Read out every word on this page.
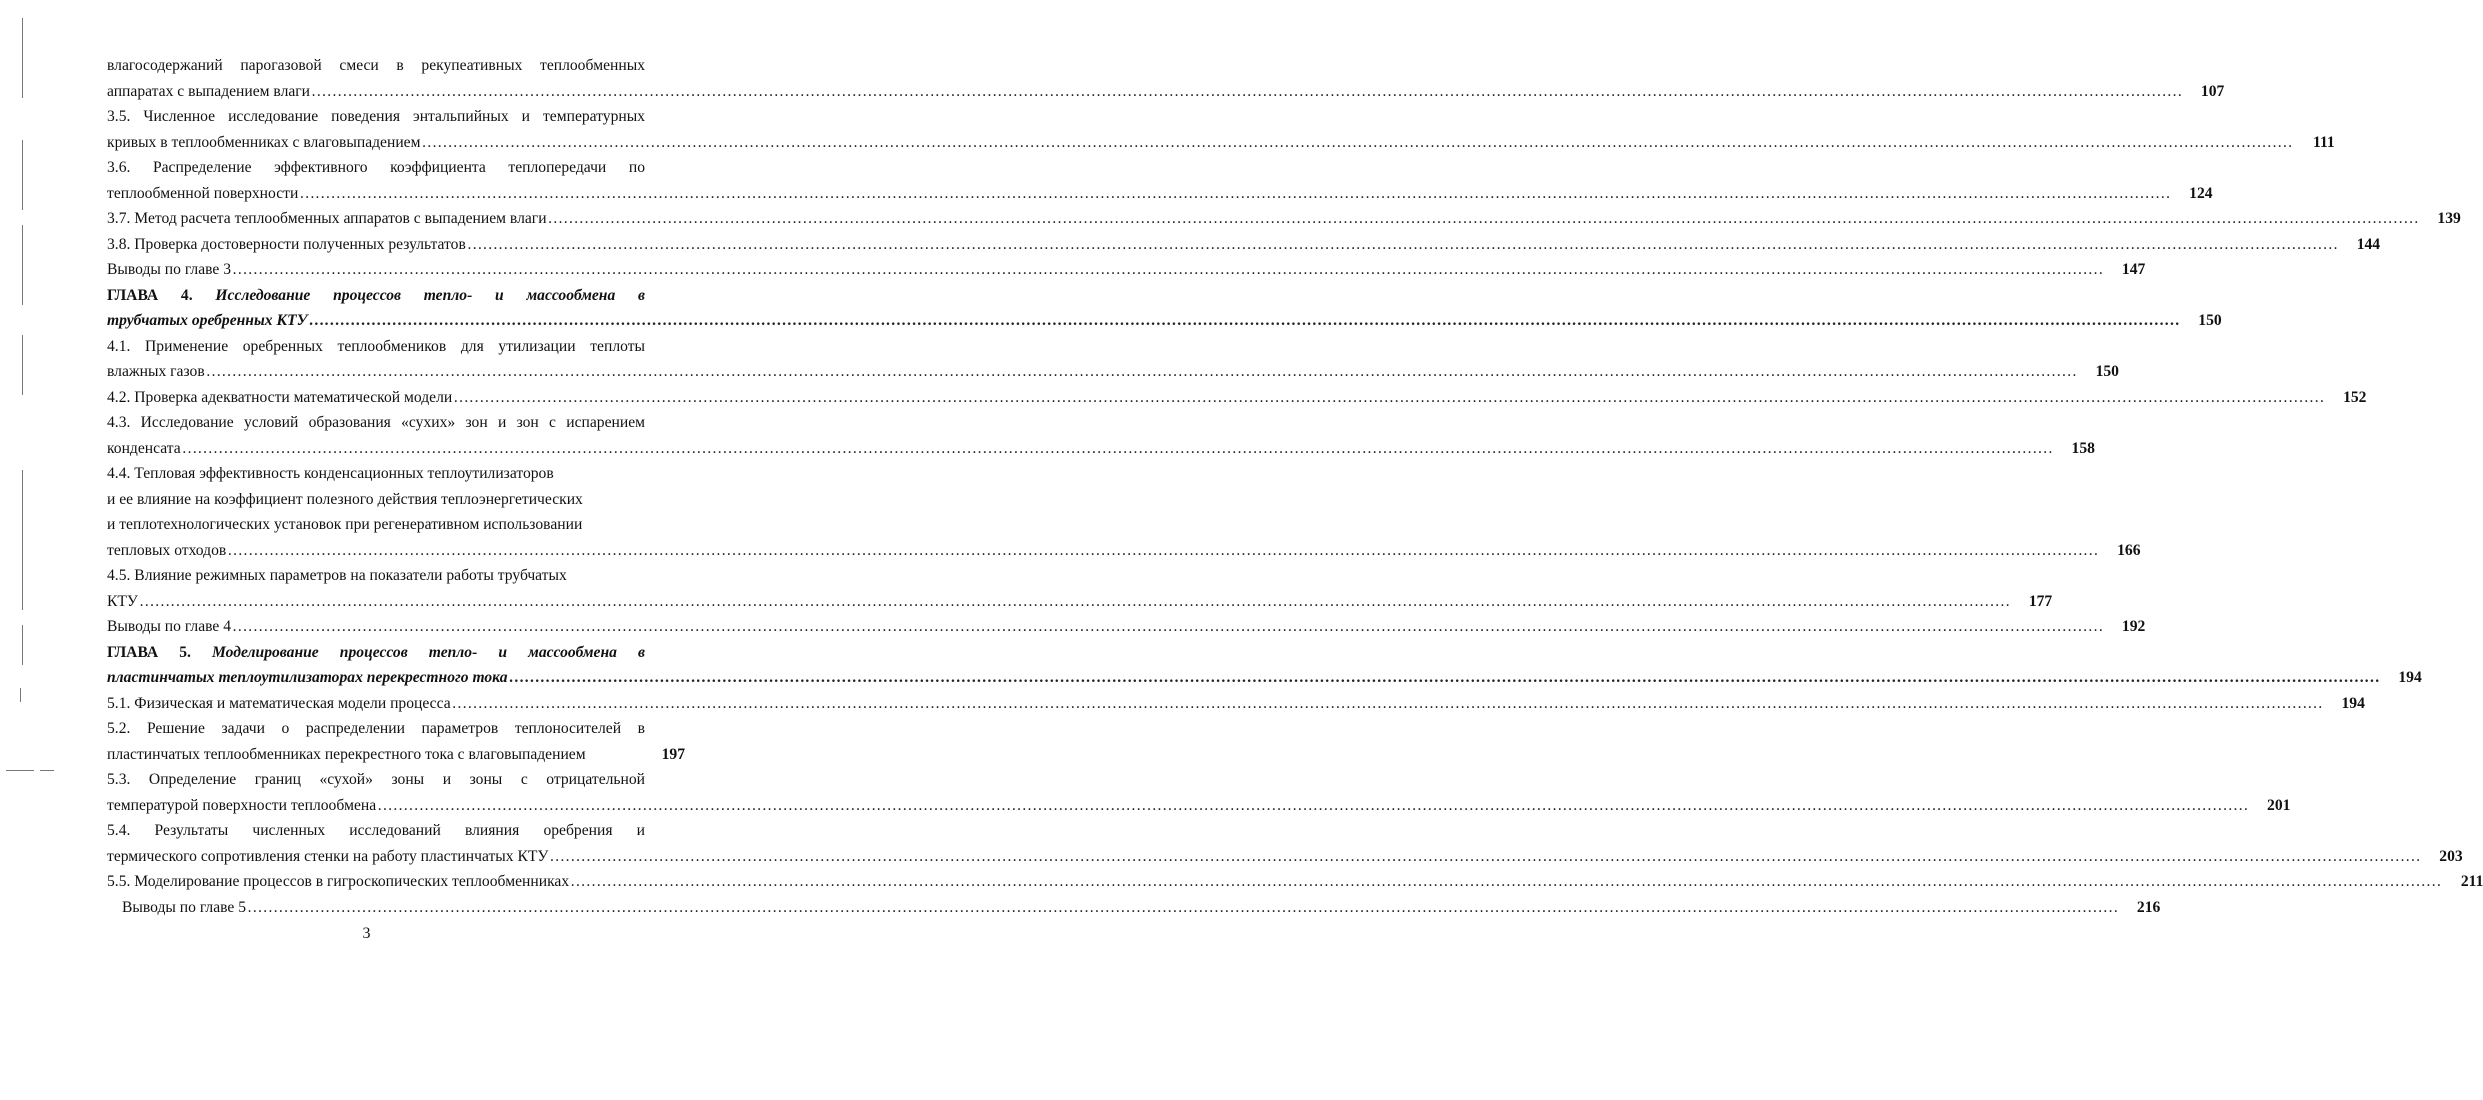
влагосодержаний парогазовой смеси в рекупеативных теплообменных
аппаратах с выпадением влаги ………………………………………………………………………………………………………………………………………………………………………………………………………………………………………………………………………………………………………………………………	107
3.5. Численное исследование поведения энтальпийных и температурных
кривых в теплообменниках с влаговыпадением ………………………………………………………………………………………………………………………………………………………………………………………………………………………………………………………………………………………………………………………………	111
3.6. Распределение эффективного коэффициента теплопередачи по
теплообменной поверхности ………………………………………………………………………………………………………………………………………………………………………………………………………………………………………………………………………………………………………………………………	124
3.7. Метод расчета теплообменных аппаратов с выпадением влаги ………………………………………………………………………………………………………………………………………………………………………………………………………………………………………………………………………………………………………………………………	139
3.8. Проверка достоверности полученных результатов ………………………………………………………………………………………………………………………………………………………………………………………………………………………………………………………………………………………………………………………………	144
Выводы по главе 3 ………………………………………………………………………………………………………………………………………………………………………………………………………………………………………………………………………………………………………………………………	147
ГЛАВА 4. Исследование процессов тепло- и массообмена в
трубчатых оребренных КТУ ………………………………………………………………………………………………………………………………………………………………………………………………………………………………………………………………………………………………………………………………	150
4.1. Применение оребренных теплообмеников для утилизации теплоты
влажных газов ………………………………………………………………………………………………………………………………………………………………………………………………………………………………………………………………………………………………………………………………	150
4.2. Проверка адекватности математической модели ………………………………………………………………………………………………………………………………………………………………………………………………………………………………………………………………………………………………………………………………	152
4.3. Исследование условий образования «сухих» зон и зон с испарением
конденсата ………………………………………………………………………………………………………………………………………………………………………………………………………………………………………………………………………………………………………………………………	158
4.4. Тепловая эффективность конденсационных теплоутилизаторов
и ее влияние на коэффициент полезного действия теплоэнергетических
и теплотехнологических установок при регенеративном использовании
тепловых отходов ………………………………………………………………………………………………………………………………………………………………………………………………………………………………………………………………………………………………………………………………	166
4.5. Влияние режимных параметров на показатели работы трубчатых
КТУ ………………………………………………………………………………………………………………………………………………………………………………………………………………………………………………………………………………………………………………………………	177
Выводы по главе 4 ………………………………………………………………………………………………………………………………………………………………………………………………………………………………………………………………………………………………………………………………	192
ГЛАВА 5. Моделирование процессов тепло- и массообмена в
пластинчатых теплоутилизаторах перекрестного тока ………………………………………………………………………………………………………………………………………………………………………………………………………………………………………………………………………………………………………………………………	194
5.1. Физическая и математическая модели процесса ………………………………………………………………………………………………………………………………………………………………………………………………………………………………………………………………………………………………………………………………	194
5.2. Решение задачи о распределении параметров теплоносителей в
пластинчатых теплообменниках перекрестного тока с влаговыпадением	197
5.3. Определение границ «сухой» зоны и зоны с отрицательной
температурой поверхности теплообмена ………………………………………………………………………………………………………………………………………………………………………………………………………………………………………………………………………………………………………………………………	201
5.4. Результаты численных исследований влияния оребрения и
термического сопротивления стенки на работу пластинчатых КТУ ………………………………………………………………………………………………………………………………………………………………………………………………………………………………………………………………………………………………………………………………	203
5.5. Моделирование процессов в гигроскопических теплообменниках ………………………………………………………………………………………………………………………………………………………………………………………………………………………………………………………………………………………………………………………………	211
Выводы по главе 5 ………………………………………………………………………………………………………………………………………………………………………………………………………………………………………………………………………………………………………………………………	216
3
